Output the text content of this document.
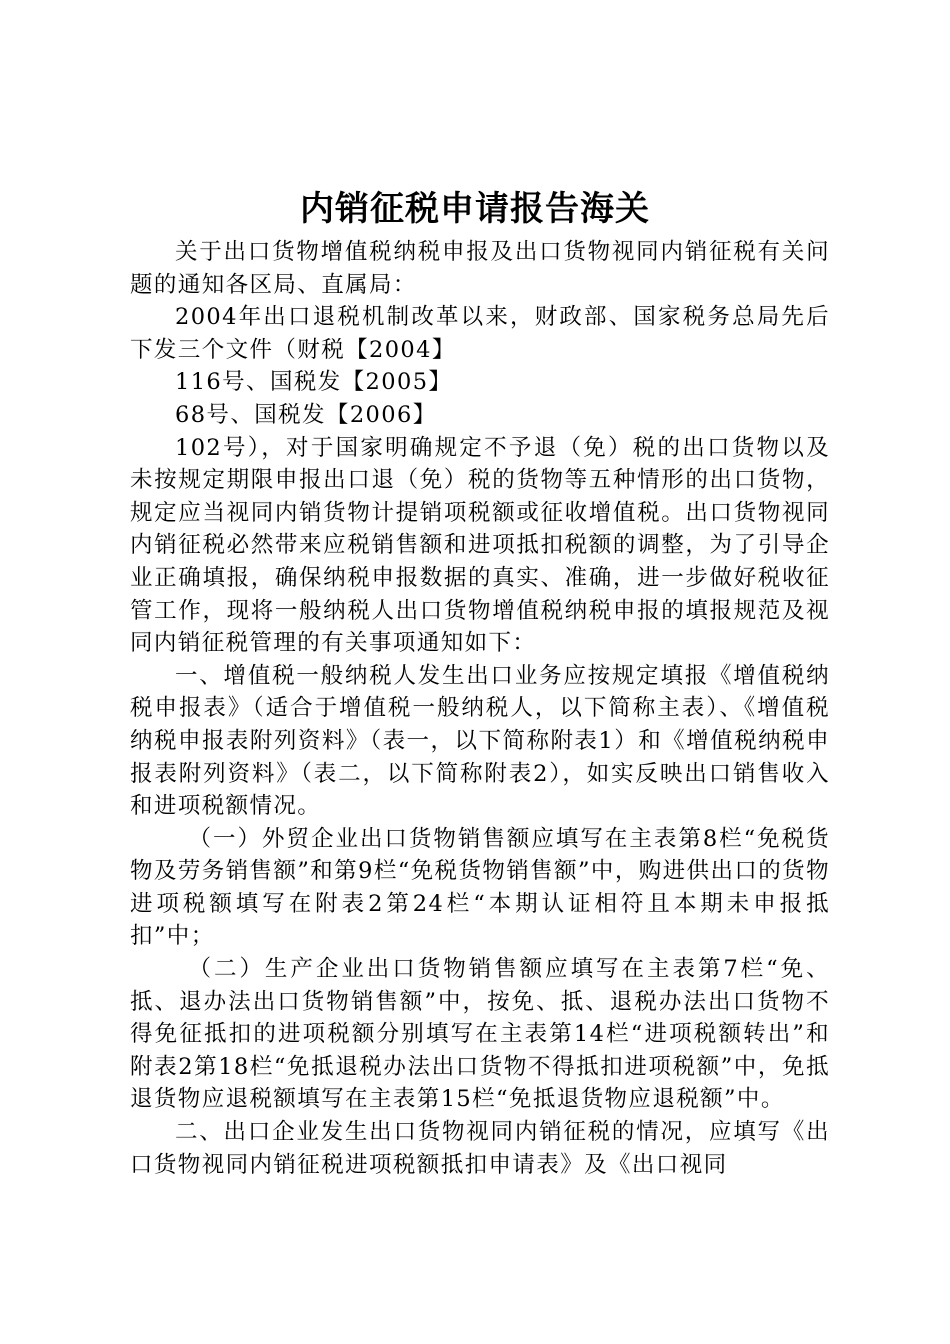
内销征税申请报告海关

关于出口货物增值税纳税申报及出口货物视同内销征税有关问题的通知各区局、直属局：

2004年出口退税机制改革以来，财政部、国家税务总局先后下发三个文件（财税【2004】

116号、国税发【2005】

68号、国税发【2006】

102号），对于国家明确规定不予退（免）税的出口货物以及未按规定期限申报出口退（免）税的货物等五种情形的出口货物，规定应当视同内销货物计提销项税额或征收增值税。出口货物视同内销征税必然带来应税销售额和进项抵扣税额的调整，为了引导企业正确填报，确保纳税申报数据的真实、准确，进一步做好税收征管工作，现将一般纳税人出口货物增值税纳税申报的填报规范及视同内销征税管理的有关事项通知如下：

一、增值税一般纳税人发生出口业务应按规定填报《增值税纳税申报表》（适合于增值税一般纳税人，以下简称主表）、《增值税纳税申报表附列资料》（表一，以下简称附表1）和《增值税纳税申报表附列资料》（表二，以下简称附表2），如实反映出口销售收入和进项税额情况。

（一）外贸企业出口货物销售额应填写在主表第8栏“免税货物及劳务销售额”和第9栏“免税货物销售额”中，购进供出口的货物进项税额填写在附表2第24栏“本期认证相符且本期未申报抵扣”中；

（二）生产企业出口货物销售额应填写在主表第7栏“免、抵、退办法出口货物销售额”中，按免、抵、退税办法出口货物不得免征抵扣的进项税额分别填写在主表第14栏“进项税额转出”和附表2第18栏“免抵退税办法出口货物不得抵扣进项税额”中，免抵退货物应退税额填写在主表第15栏“免抵退货物应退税额”中。

二、出口企业发生出口货物视同内销征税的情况，应填写《出口货物视同内销征税进项税额抵扣申请表》及《出口视同
